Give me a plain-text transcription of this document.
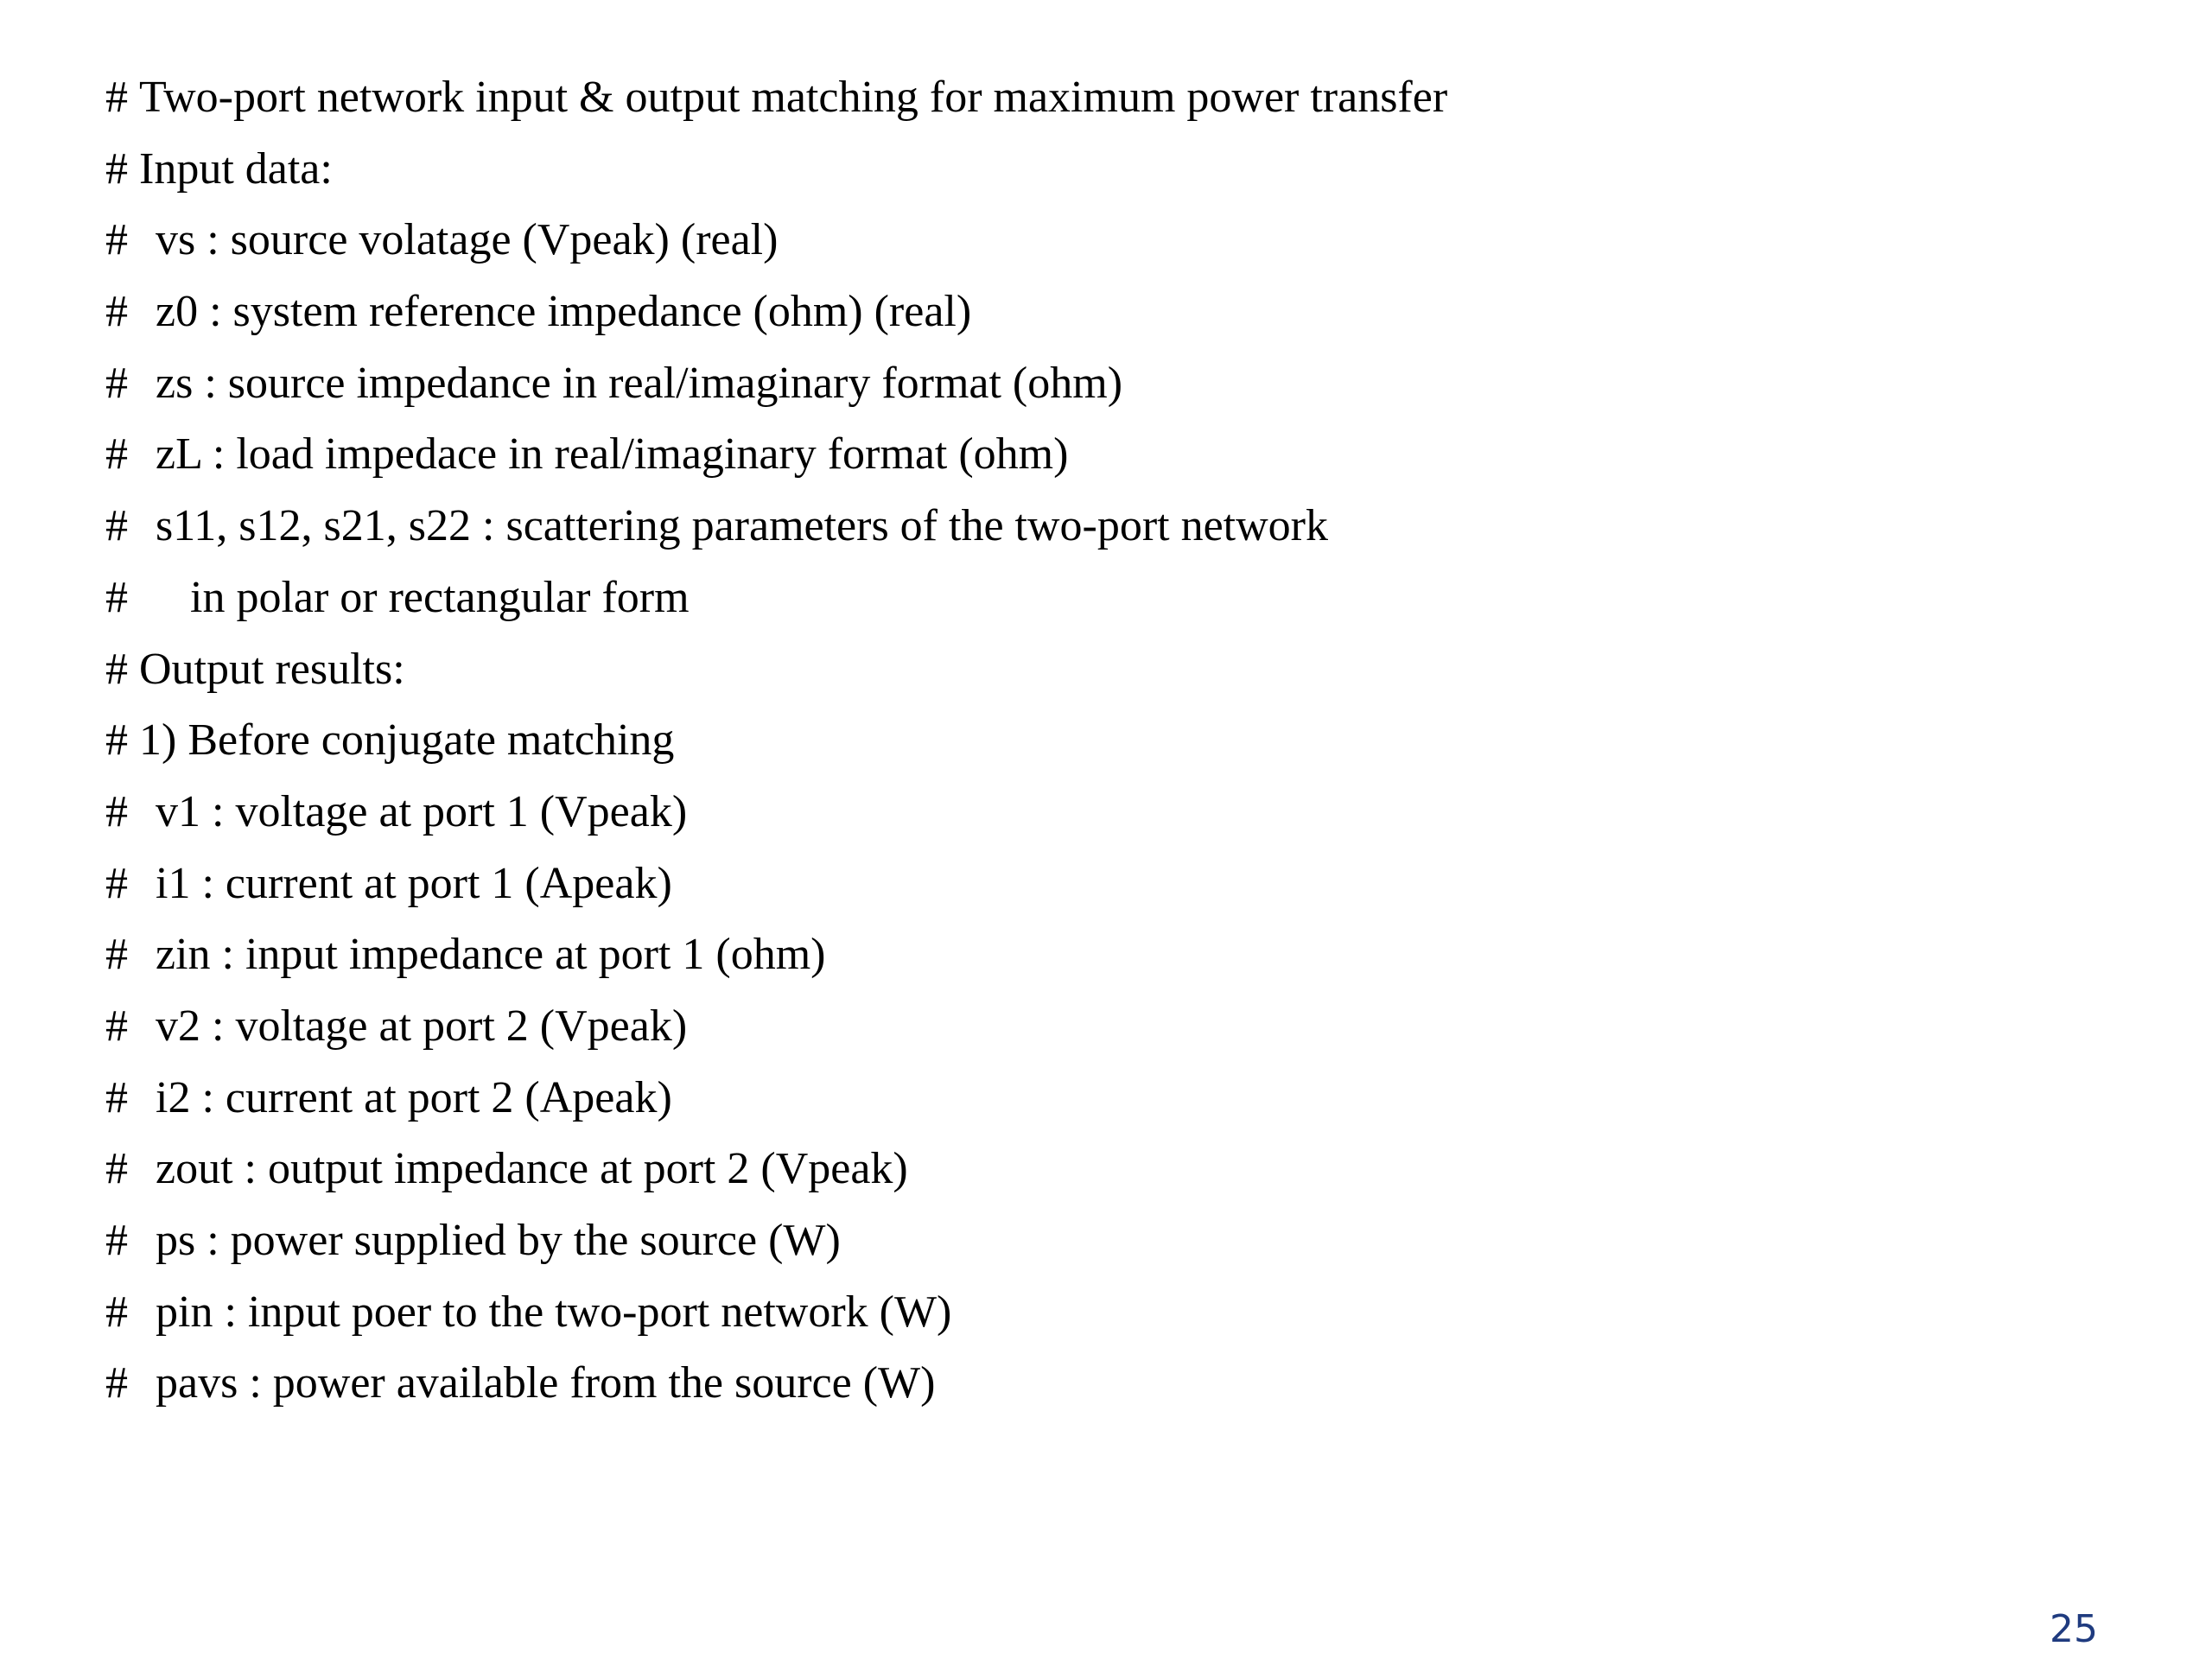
#
Two-port network input & output matching for maximum power transfer
#
Input data:
# vs : source volatage (Vpeak) (real)
# z0 : system reference impedance (ohm) (real)
# zs : source impedance in real/imaginary format (ohm)
# zL : load impedace in real/imaginary format (ohm)
# s11, s12, s21, s22 : scattering parameters of the two-port network
#	in polar or rectangular form
#
Output results:
#
1) Before conjugate matching
# v1 : voltage at port 1 (Vpeak)
# i1 : current at port 1 (Apeak)
# zin : input impedance at port 1 (ohm)
# v2 : voltage at port 2 (Vpeak)
# i2 : current at port 2 (Apeak)
# zout : output impedance at port 2 (Vpeak)
# ps : power supplied by the source (W)
# pin : input poer to the two-port network (W)
# pavs : power available from the source (W)
25
